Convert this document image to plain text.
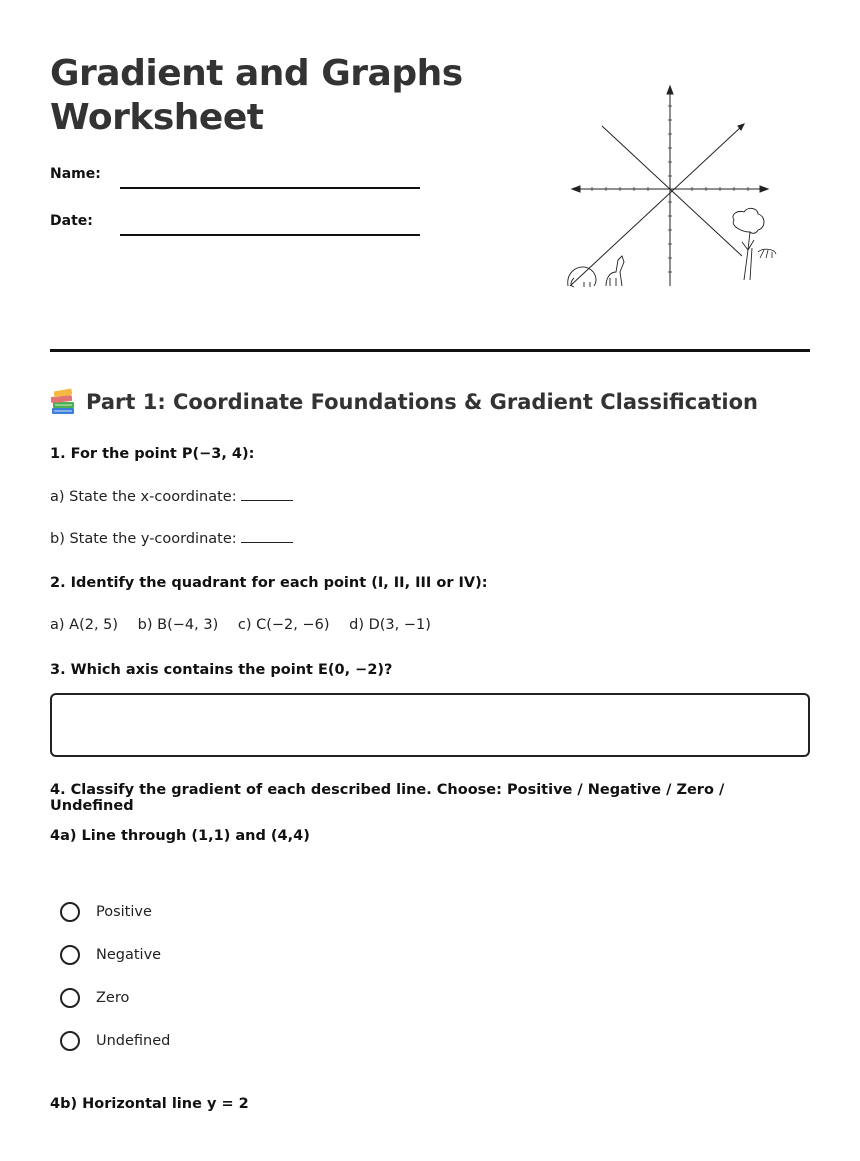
Gradient and Graphs
Worksheet
Name:
Date:
Part 1: Coordinate Foundations & Gradient Classification
1. For the point P(−3, 4):
a) State the x-coordinate:
b) State the y-coordinate:
2. Identify the quadrant for each point (I, II, III or IV):
a) A(2, 5) b) B(−4, 3) c) C(−2, −6) d) D(3, −1)
3. Which axis contains the point E(0, −2)?
4. Classify the gradient of each described line. Choose: Positive / Negative / Zero / Undefined
4a) Line through (1,1) and (4,4)
Positive
Negative
Zero
Undefined
4b) Horizontal line y = 2
